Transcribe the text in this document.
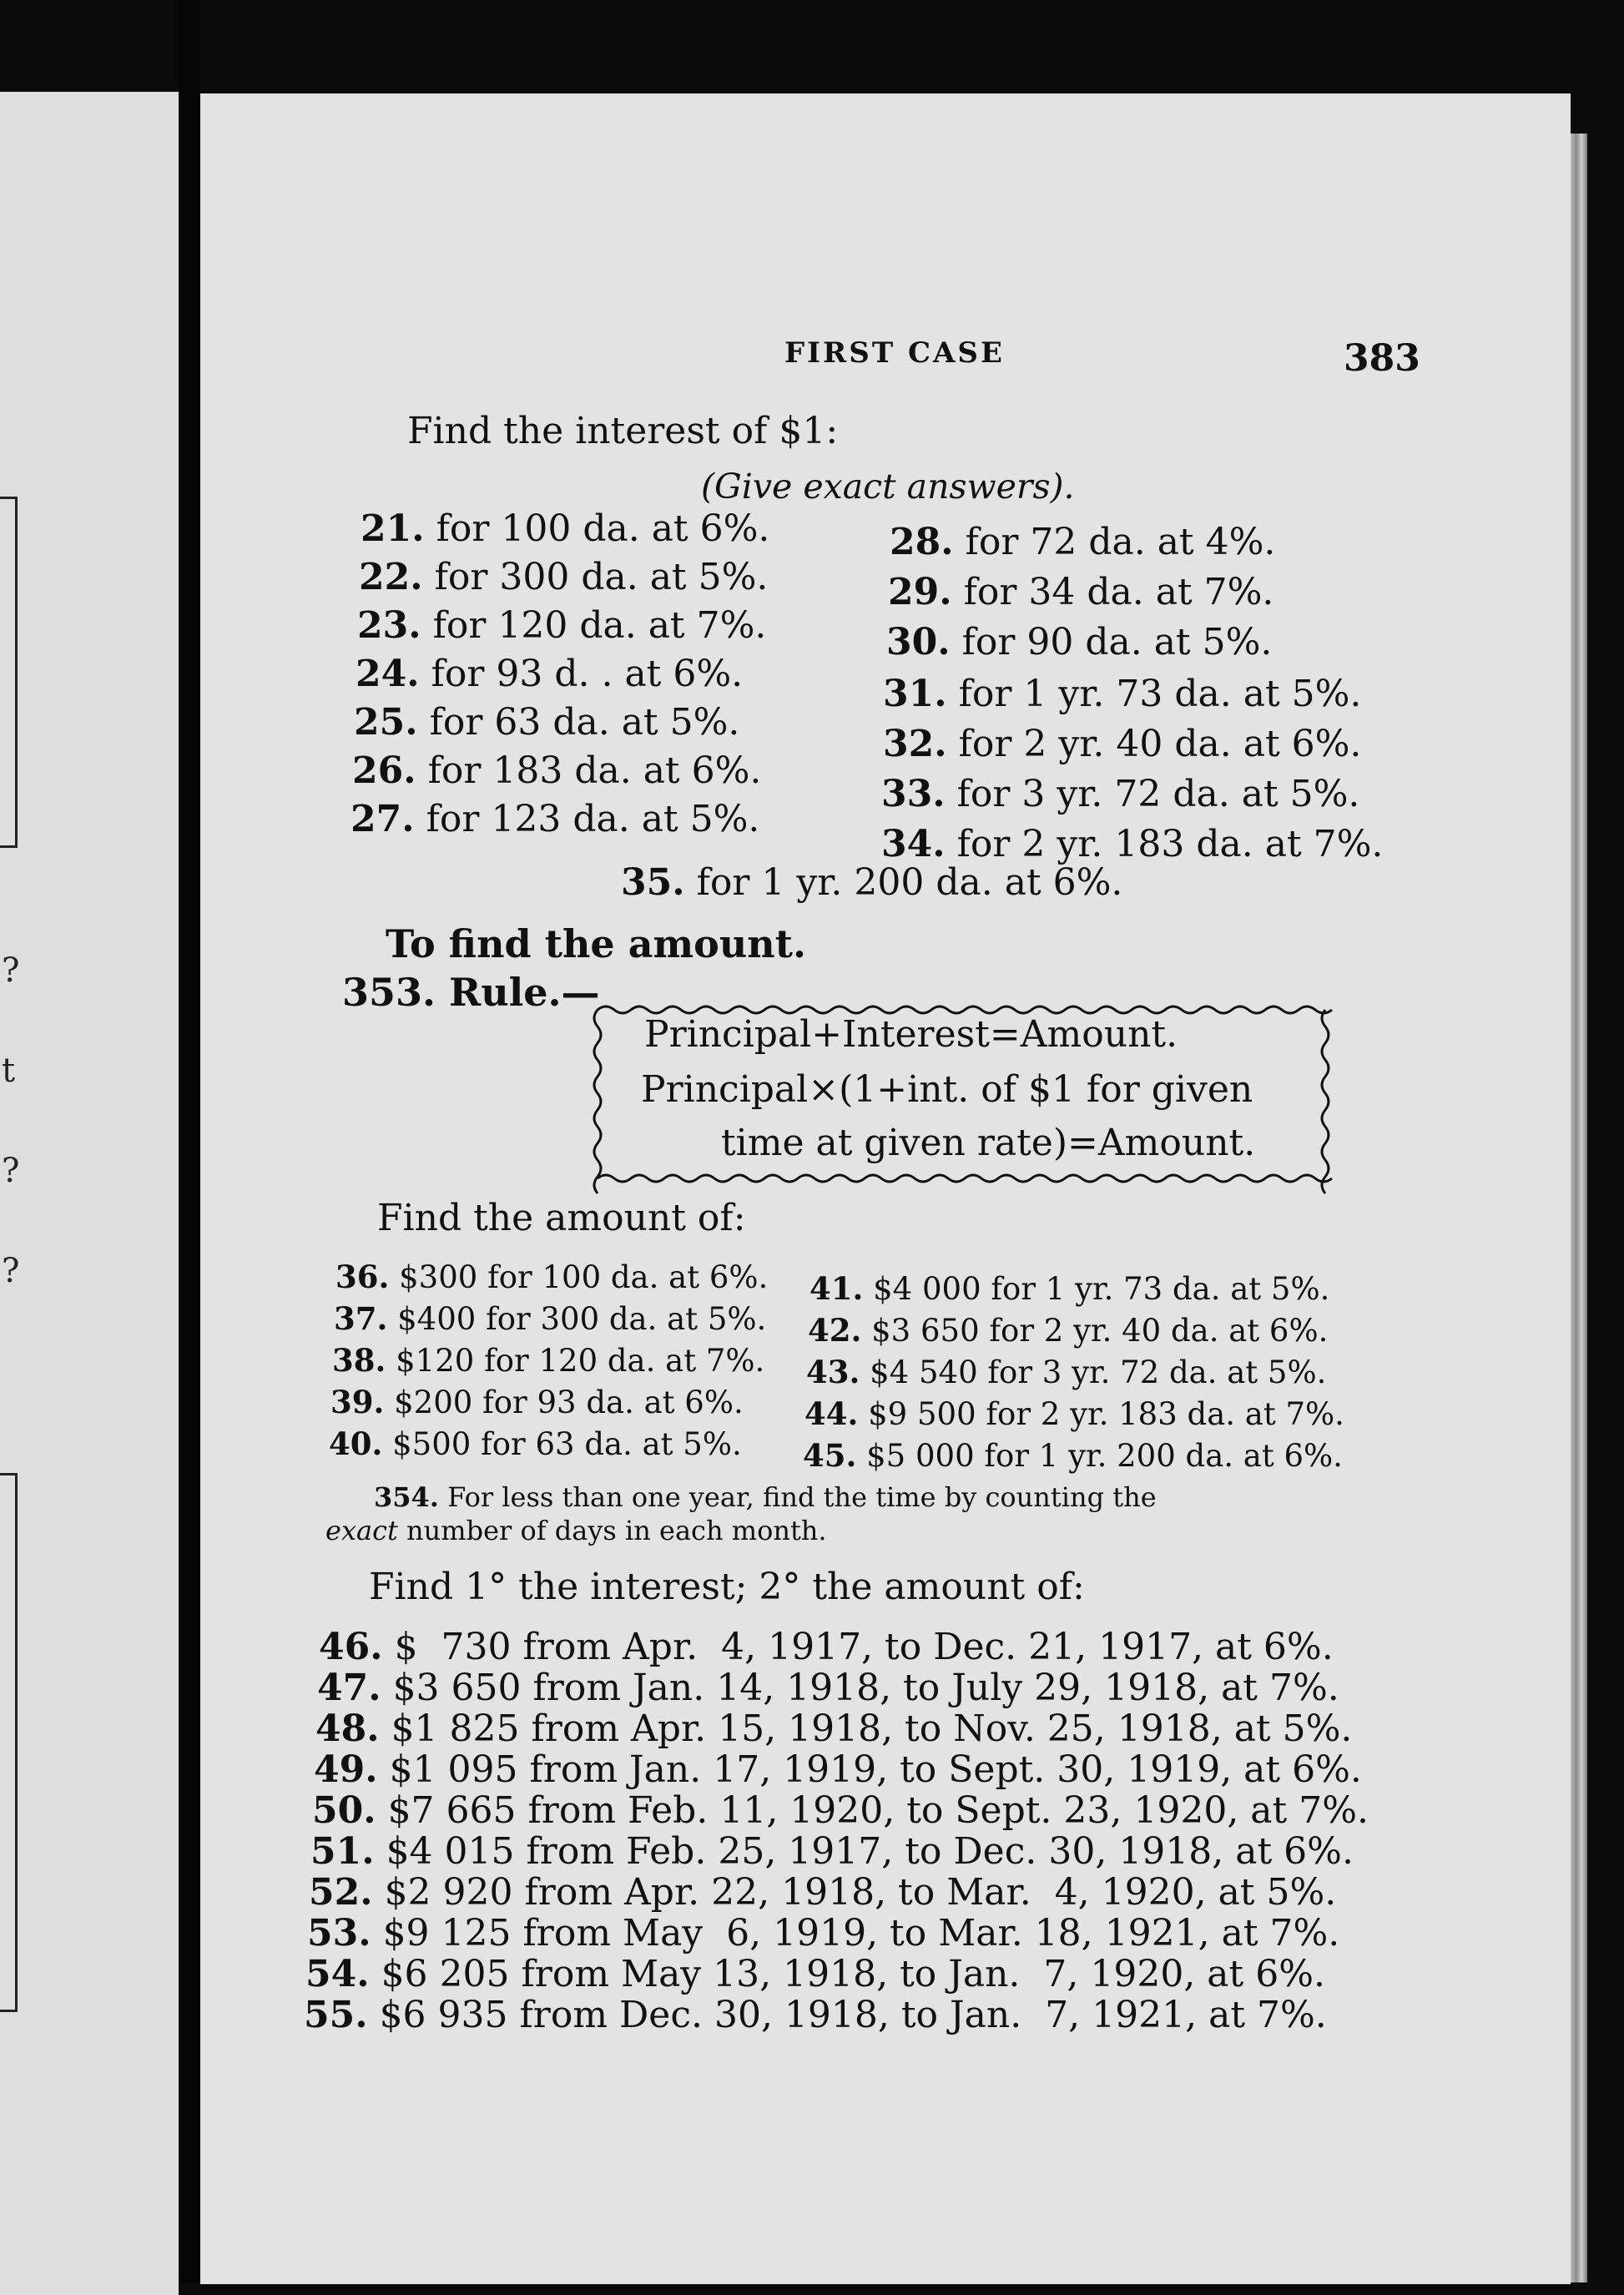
?
t
?
?
FIRST CASE	383
Find the interest of $1:
(Give exact answers).
21. for 100 da. at 6%.
22. for 300 da. at 5%.
23. for 120 da. at 7%.
24. for 93 d. . at 6%.
25. for 63 da. at 5%.
26. for 183 da. at 6%.
27. for 123 da. at 5%.
28. for 72 da. at 4%.
29. for 34 da. at 7%.
30. for 90 da. at 5%.
31. for 1 yr. 73 da. at 5%.
32. for 2 yr. 40 da. at 6%.
33. for 3 yr. 72 da. at 5%.
34. for 2 yr. 183 da. at 7%.
35. for 1 yr. 200 da. at 6%.
To find the amount.
353. Rule.—
Principal+Interest=Amount.
Principal×(1+int. of $1 for given
time at given rate)=Amount.
Find the amount of:
36. $300 for 100 da. at 6%.
37. $400 for 300 da. at 5%.
38. $120 for 120 da. at 7%.
39. $200 for 93 da. at 6%.
40. $500 for 63 da. at 5%.
41. $4 000 for 1 yr. 73 da. at 5%.
42. $3 650 for 2 yr. 40 da. at 6%.
43. $4 540 for 3 yr. 72 da. at 5%.
44. $9 500 for 2 yr. 183 da. at 7%.
45. $5 000 for 1 yr. 200 da. at 6%.
354. For less than one year, find the time by counting the
exact number of days in each month.
Find 1° the interest; 2° the amount of:
46. $  730 from Apr.  4, 1917, to Dec. 21, 1917, at 6%.
47. $3 650 from Jan. 14, 1918, to July 29, 1918, at 7%.
48. $1 825 from Apr. 15, 1918, to Nov. 25, 1918, at 5%.
49. $1 095 from Jan. 17, 1919, to Sept. 30, 1919, at 6%.
50. $7 665 from Feb. 11, 1920, to Sept. 23, 1920, at 7%.
51. $4 015 from Feb. 25, 1917, to Dec. 30, 1918, at 6%.
52. $2 920 from Apr. 22, 1918, to Mar.  4, 1920, at 5%.
53. $9 125 from May  6, 1919, to Mar. 18, 1921, at 7%.
54. $6 205 from May 13, 1918, to Jan.  7, 1920, at 6%.
55. $6 935 from Dec. 30, 1918, to Jan.  7, 1921, at 7%.
